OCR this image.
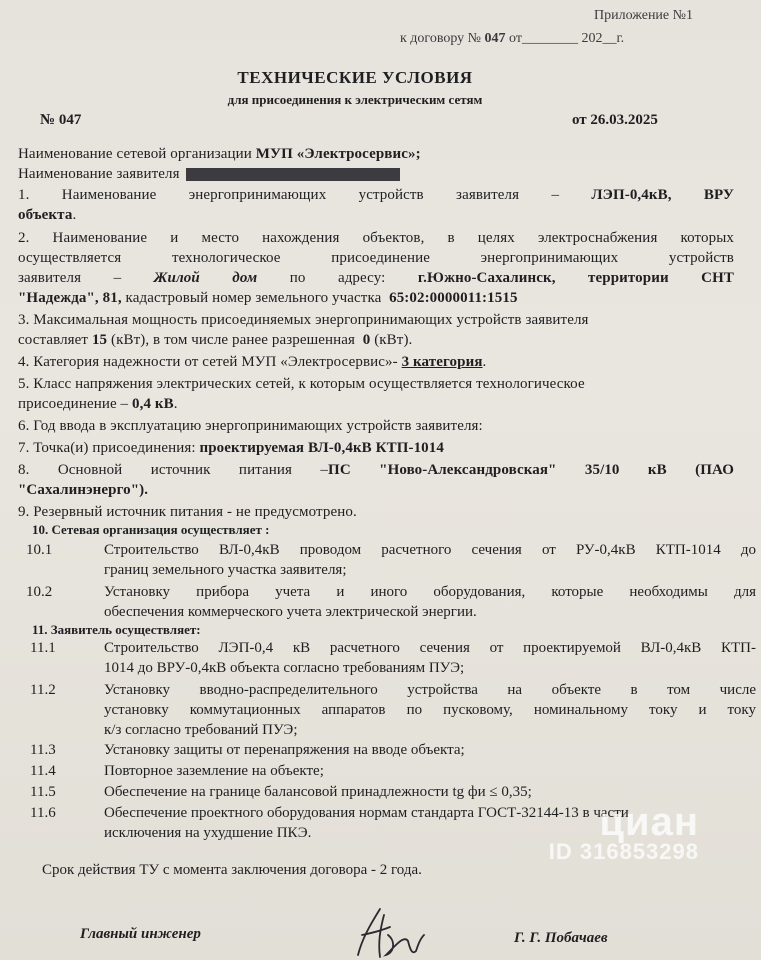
Приложение №1
к договору № 047 от________ 202__г.
ТЕХНИЧЕСКИЕ УСЛОВИЯ
для присоединения к электрическим сетям
№ 047	от 26.03.2025
Наименование сетевой организации МУП «Электросервис»;
Наименование заявителя
1. Наименование энергопринимающих устройств заявителя – ЛЭП-0,4кВ, ВРУ
объекта.
2. Наименование и место нахождения объектов, в целях электроснабжения которых
осуществляется технологическое присоединение энергопринимающих устройств
заявителя – Жилой дом по адресу: г.Южно-Сахалинск, территории СНТ
"Надежда", 81, кадастровый номер земельного участка 65:02:0000011:1515
3. Максимальная мощность присоединяемых энергопринимающих устройств заявителя
составляет 15 (кВт), в том числе ранее разрешенная 0 (кВт).
4. Категория надежности от сетей МУП «Электросервис»- 3 категория.
5. Класс напряжения электрических сетей, к которым осуществляется технологическое
присоединение – 0,4 кВ.
6. Год ввода в эксплуатацию энергопринимающих устройств заявителя:
7. Точка(и) присоединения: проектируемая ВЛ-0,4кВ КТП-1014
8. Основной источник питания –ПС "Ново-Александровская" 35/10 кВ (ПАО
"Сахалинэнерго").
9. Резервный источник питания - не предусмотрено.
10. Сетевая организация осуществляет :
10.1	Строительство ВЛ-0,4кВ проводом расчетного сечения от РУ-0,4кВ КТП-1014 до
границ земельного участка заявителя;
10.2	Установку прибора учета и иного оборудования, которые необходимы для
обеспечения коммерческого учета электрической энергии.
11. Заявитель осуществляет:
11.1	Строительство ЛЭП-0,4 кВ расчетного сечения от проектируемой ВЛ-0,4кВ КТП-
1014 до ВРУ-0,4кВ объекта согласно требованиям ПУЭ;
11.2	Установку вводно-распределительного устройства на объекте в том числе
установку коммутационных аппаратов по пусковому, номинальному току и току
к/з согласно требований ПУЭ;
11.3	Установку защиты от перенапряжения на вводе объекта;
11.4	Повторное заземление на объекте;
11.5	Обеспечение на границе балансовой принадлежности tg фи ≤ 0,35;
11.6	Обеспечение проектного оборудования нормам стандарта ГОСТ-32144-13 в части
исключения на ухудшение ПКЭ.
Срок действия ТУ с момента заключения договора - 2 года.
Главный инженер	Г. Г. Побачаев
циан
ID 316853298
